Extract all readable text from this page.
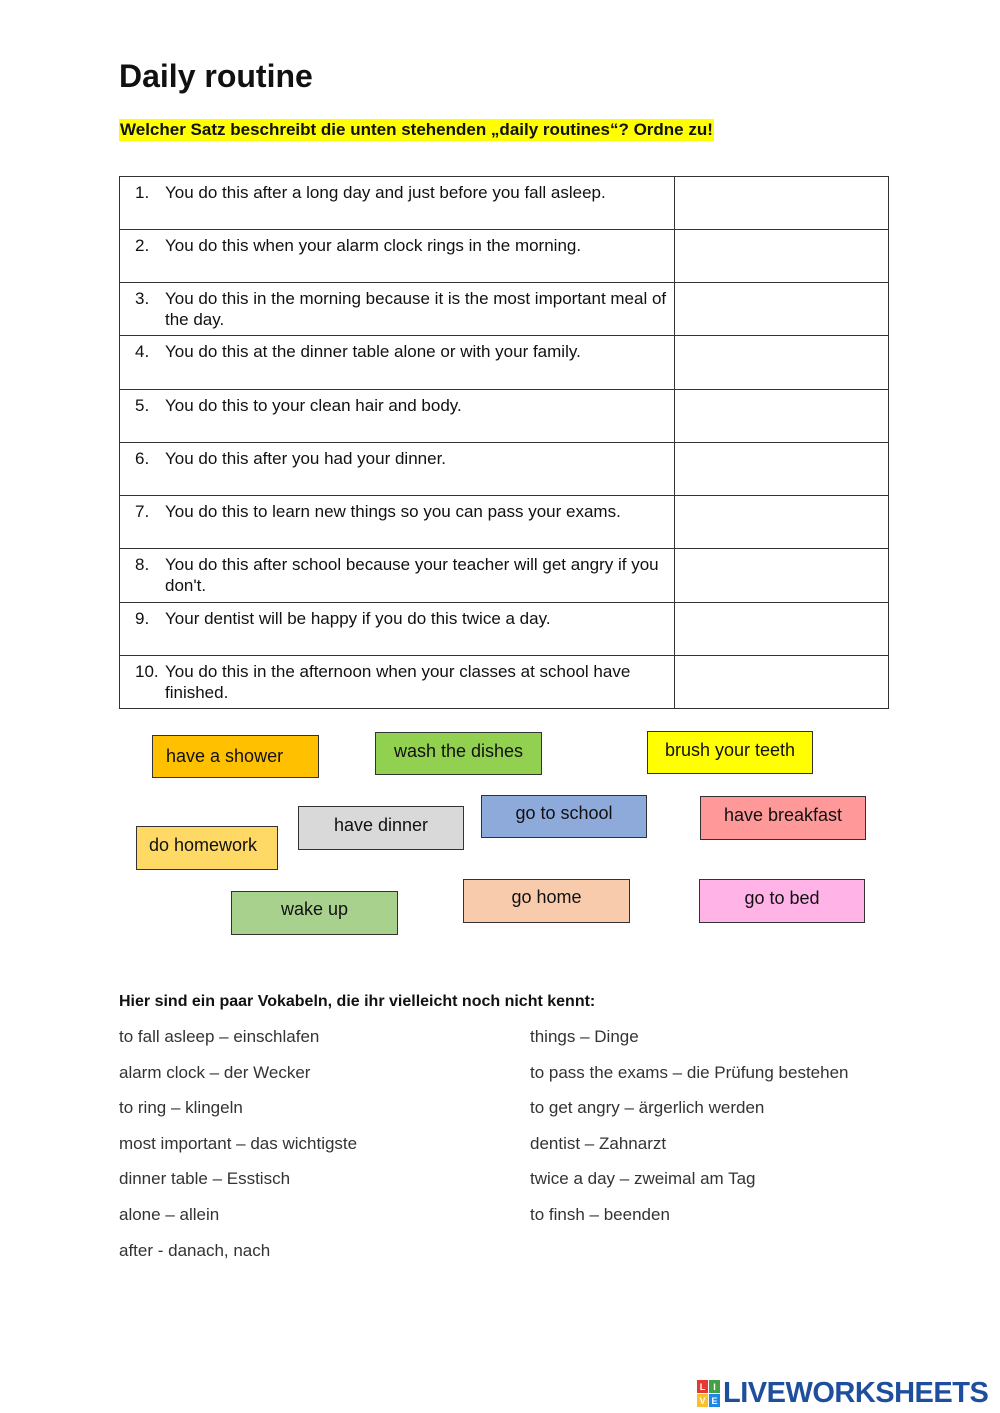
Daily routine
Welcher Satz beschreibt die unten stehenden „daily routines“? Ordne zu!
1. You do this after a long day and just before you fall asleep.	

2. You do this when your alarm clock rings in the morning.	

3. You do this in the morning because it is the most important meal of the day.	

4. You do this at the dinner table alone or with your family.	

5. You do this to your clean hair and body.	

6. You do this after you had your dinner.	

7. You do this to learn new things so you can pass your exams.	

8. You do this after school because your teacher will get angry if you don't.	

9. Your dentist will be happy if you do this twice a day.	

10. You do this in the afternoon when your classes at school have finished.	

have a shower	wash the dishes	brush your teeth
have dinner
go to school	have breakfast
do homework
wake up
go home	go to bed
Hier sind ein paar Vokabeln, die ihr vielleicht noch nicht kennt:
to fall asleep – einschlafen
alarm clock – der Wecker
to ring – klingeln
most important – das wichtigste
dinner table – Esstisch
alone – allein
after - danach, nach
things – Dinge
to pass the exams – die Prüfung bestehen
to get angry – ärgerlich werden
dentist – Zahnarzt
twice a day – zweimal am Tag
to finsh – beenden
L I
V E LIVEWORKSHEETS
